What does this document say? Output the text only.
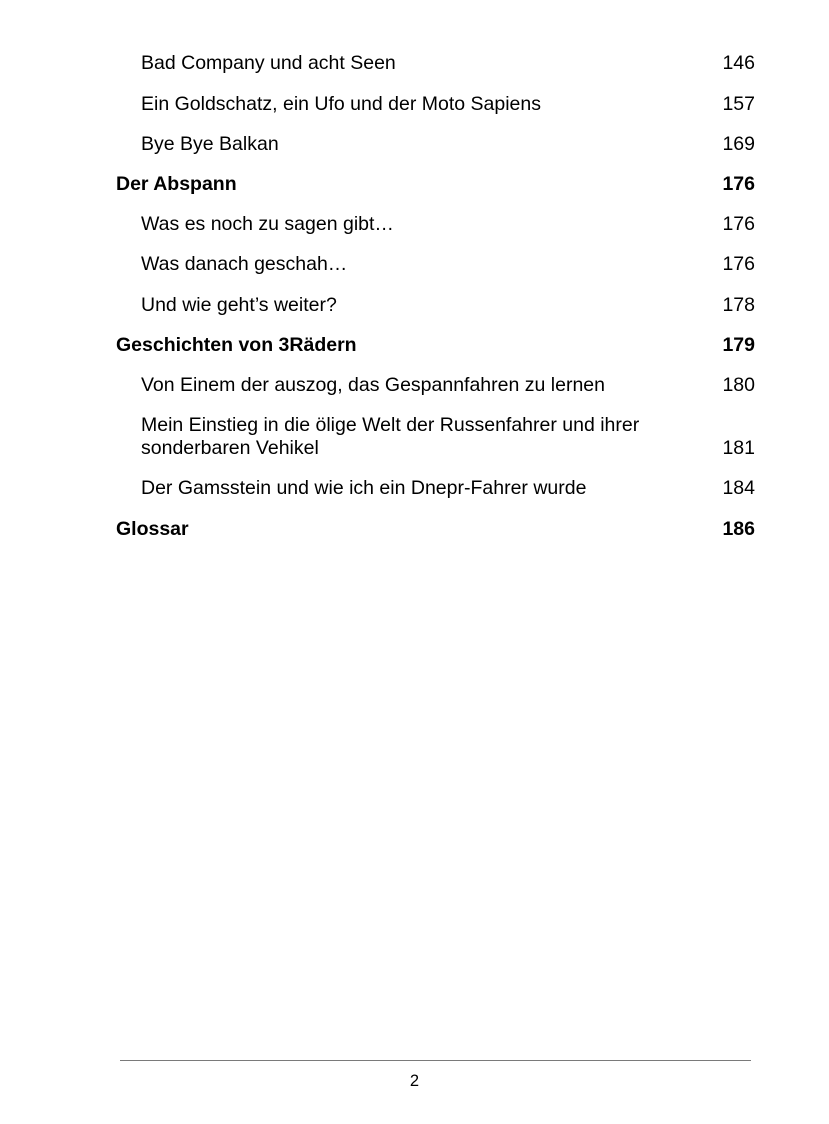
Bad Company und acht Seen	146
Ein Goldschatz, ein Ufo und der Moto Sapiens	157
Bye Bye Balkan	169
Der Abspann	176
Was es noch zu sagen gibt…	176
Was danach geschah…	176
Und wie geht’s weiter?	178
Geschichten von 3Rädern	179
Von Einem der auszog, das Gespannfahren zu lernen	180
Mein Einstieg in die ölige Welt der Russenfahrer und ihrer sonderbaren Vehikel	181
Der Gamsstein und wie ich ein Dnepr-Fahrer wurde	184
Glossar	186
2
